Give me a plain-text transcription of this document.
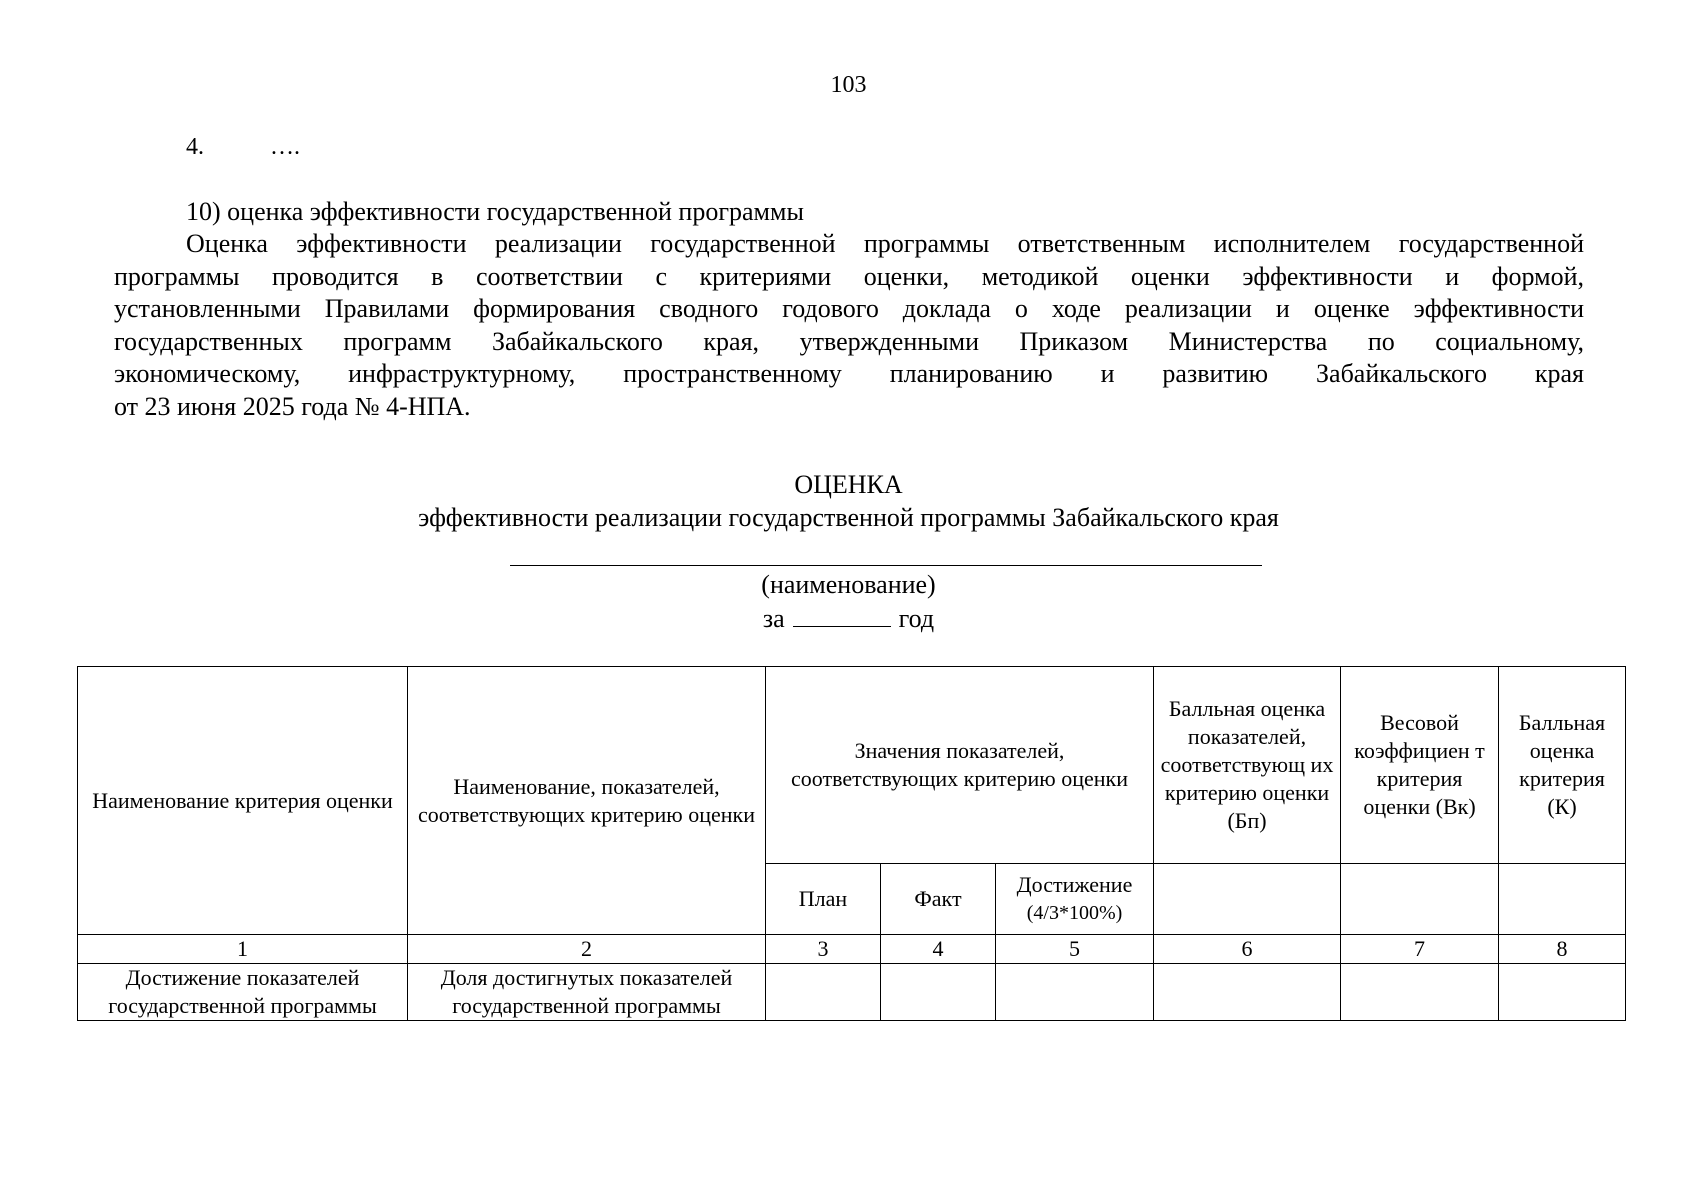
103
4.	….
10) оценка эффективности государственной программы
Оценка эффективности реализации государственной программы ответственным исполнителем государственной
программы проводится в соответствии с критериями оценки, методикой оценки эффективности и формой,
установленными Правилами формирования сводного годового доклада о ходе реализации и оценке эффективности
государственных программ Забайкальского края, утвержденными Приказом Министерства по социальному,
экономическому, инфраструктурному, пространственному планированию и развитию Забайкальского края
от 23 июня 2025 года № 4-НПА.
ОЦЕНКА
эффективности реализации государственной программы Забайкальского края
(наименование)
за	год
Наименование критерия оценки	Наименование, показателей, соответствующих критерию оценки	Значения показателей, соответствующих критерию оценки			Балльная оценка показателей, соответствующ их критерию оценки (Бп)	Весовой коэффициен т критерия оценки (Вк)	Балльная оценка критерия (К)
		План	Факт	Достижение
(4/3*100%)			

1	2	3	4	5	6	7	8
Достижение показателей государственной программы	Доля достигнутых показателей государственной программы						
